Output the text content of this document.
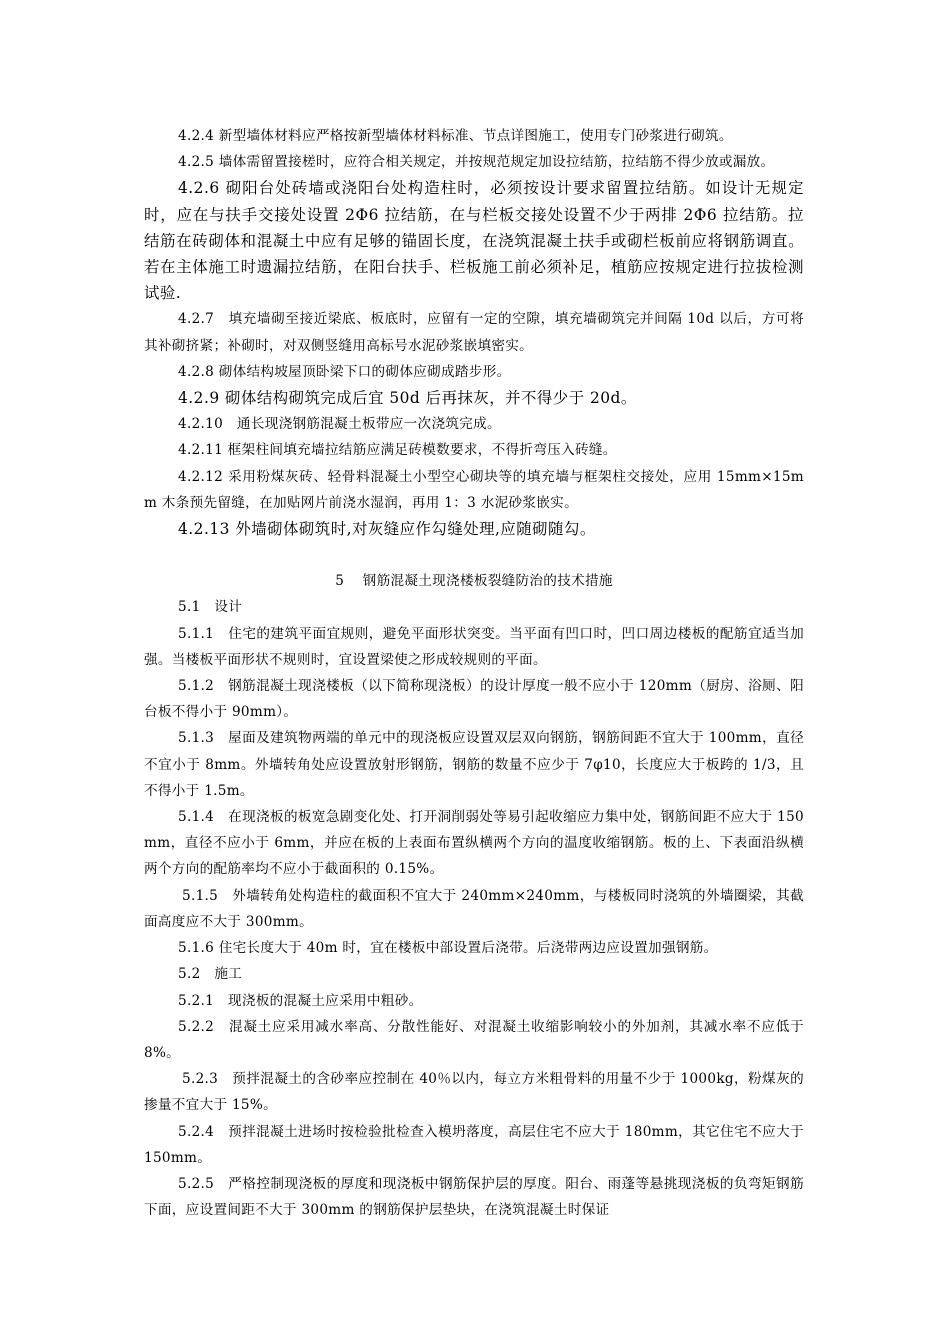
4.2.4 新型墙体材料应严格按新型墙体材料标准、节点详图施工，使用专门砂浆进行砌筑。

4.2.5 墙体需留置接槎时，应符合相关规定，并按规范规定加设拉结筋，拉结筋不得少放或漏放。

4.2.6 砌阳台处砖墙或浇阳台处构造柱时，必须按设计要求留置拉结筋。如设计无规定时，应在与扶手交接处设置 2Φ6 拉结筋，在与栏板交接处设置不少于两排 2Φ6 拉结筋。拉结筋在砖砌体和混凝土中应有足够的锚固长度，在浇筑混凝土扶手或砌栏板前应将钢筋调直。若在主体施工时遗漏拉结筋，在阳台扶手、栏板施工前必须补足，植筋应按规定进行拉拔检测试验.

4.2.7　填充墙砌至接近梁底、板底时，应留有一定的空隙，填充墙砌筑完并间隔 10d 以后，方可将其补砌挤紧；补砌时，对双侧竖缝用高标号水泥砂浆嵌填密实。

4.2.8 砌体结构坡屋顶卧梁下口的砌体应砌成踏步形。

4.2.9 砌体结构砌筑完成后宜 50d 后再抹灰，并不得少于 20d。

4.2.10　通长现浇钢筋混凝土板带应一次浇筑完成。

4.2.11 框架柱间填充墙拉结筋应满足砖模数要求，不得折弯压入砖缝。

4.2.12 采用粉煤灰砖、轻骨料混凝土小型空心砌块等的填充墙与框架柱交接处，应用 15mm×15mm 木条预先留缝，在加贴网片前浇水湿润，再用 1：3 水泥砂浆嵌实。

4.2.13 外墙砌体砌筑时,对灰缝应作勾缝处理,应随砌随勾。

5　 钢筋混凝土现浇楼板裂缝防治的技术措施

5.1　设计

5.1.1　住宅的建筑平面宜规则，避免平面形状突变。当平面有凹口时，凹口周边楼板的配筋宜适当加强。当楼板平面形状不规则时，宜设置梁使之形成较规则的平面。

5.1.2　钢筋混凝土现浇楼板（以下简称现浇板）的设计厚度一般不应小于 120mm（厨房、浴厕、阳台板不得小于 90mm）。

5.1.3　屋面及建筑物两端的单元中的现浇板应设置双层双向钢筋，钢筋间距不宜大于 100mm，直径不宜小于 8mm。外墙转角处应设置放射形钢筋，钢筋的数量不应少于 7φ10，长度应大于板跨的 1/3，且不得小于 1.5m。

5.1.4　在现浇板的板宽急剧变化处、打开洞削弱处等易引起收缩应力集中处，钢筋间距不应大于 150mm，直径不应小于 6mm，并应在板的上表面布置纵横两个方向的温度收缩钢筋。板的上、下表面沿纵横两个方向的配筋率均不应小于截面积的 0.15%。

5.1.5　外墙转角处构造柱的截面积不宜大于 240mm×240mm，与楼板同时浇筑的外墙圈梁，其截面高度应不大于 300mm。

5.1.6 住宅长度大于 40m 时，宜在楼板中部设置后浇带。后浇带两边应设置加强钢筋。

5.2　施工

5.2.1　现浇板的混凝土应采用中粗砂。

5.2.2　混凝土应采用减水率高、分散性能好、对混凝土收缩影响较小的外加剂，其减水率不应低于 8%。

5.2.3　预拌混凝土的含砂率应控制在 40％以内，每立方米粗骨料的用量不少于 1000kg，粉煤灰的掺量不宜大于 15%。

5.2.4　预拌混凝土进场时按检验批检查入模坍落度，高层住宅不应大于 180mm，其它住宅不应大于 150mm。

5.2.5　严格控制现浇板的厚度和现浇板中钢筋保护层的厚度。阳台、雨蓬等悬挑现浇板的负弯矩钢筋下面，应设置间距不大于 300mm 的钢筋保护层垫块，在浇筑混凝土时保证
